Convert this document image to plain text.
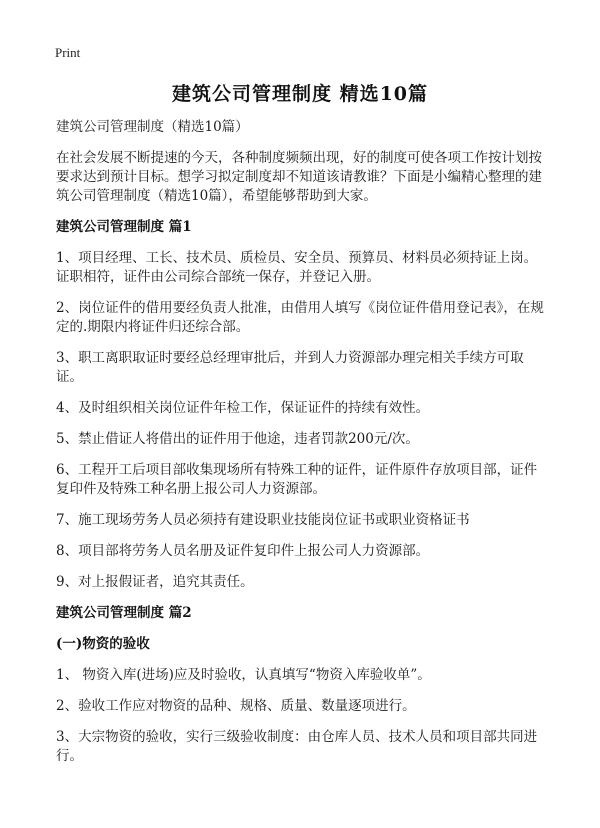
Print
建筑公司管理制度 精选10篇

建筑公司管理制度（精选10篇）

在社会发展不断提速的今天，各种制度频频出现，好的制度可使各项工作按计划按要求达到预计目标。想学习拟定制度却不知道该请教谁？下面是小编精心整理的建筑公司管理制度（精选10篇），希望能够帮助到大家。

建筑公司管理制度 篇1

1、项目经理、工长、技术员、质检员、安全员、预算员、材料员必须持证上岗。证职相符，证件由公司综合部统一保存，并登记入册。

2、岗位证件的借用要经负责人批准，由借用人填写《岗位证件借用登记表》，在规定的.期限内将证件归还综合部。

3、职工离职取证时要经总经理审批后，并到人力资源部办理完相关手续方可取证。

4、及时组织相关岗位证件年检工作，保证证件的持续有效性。

5、禁止借证人将借出的证件用于他途，违者罚款200元/次。

6、工程开工后项目部收集现场所有特殊工种的证件，证件原件存放项目部，证件复印件及特殊工种名册上报公司人力资源部。

7、施工现场劳务人员必须持有建设职业技能岗位证书或职业资格证书

8、项目部将劳务人员名册及证件复印件上报公司人力资源部。

9、对上报假证者，追究其责任。

建筑公司管理制度 篇2

(一)物资的验收

1、 物资入库(进场)应及时验收，认真填写“物资入库验收单”。

2、验收工作应对物资的品种、规格、质量、数量逐项进行。

3、大宗物资的验收，实行三级验收制度：由仓库人员、技术人员和项目部共同进行。
